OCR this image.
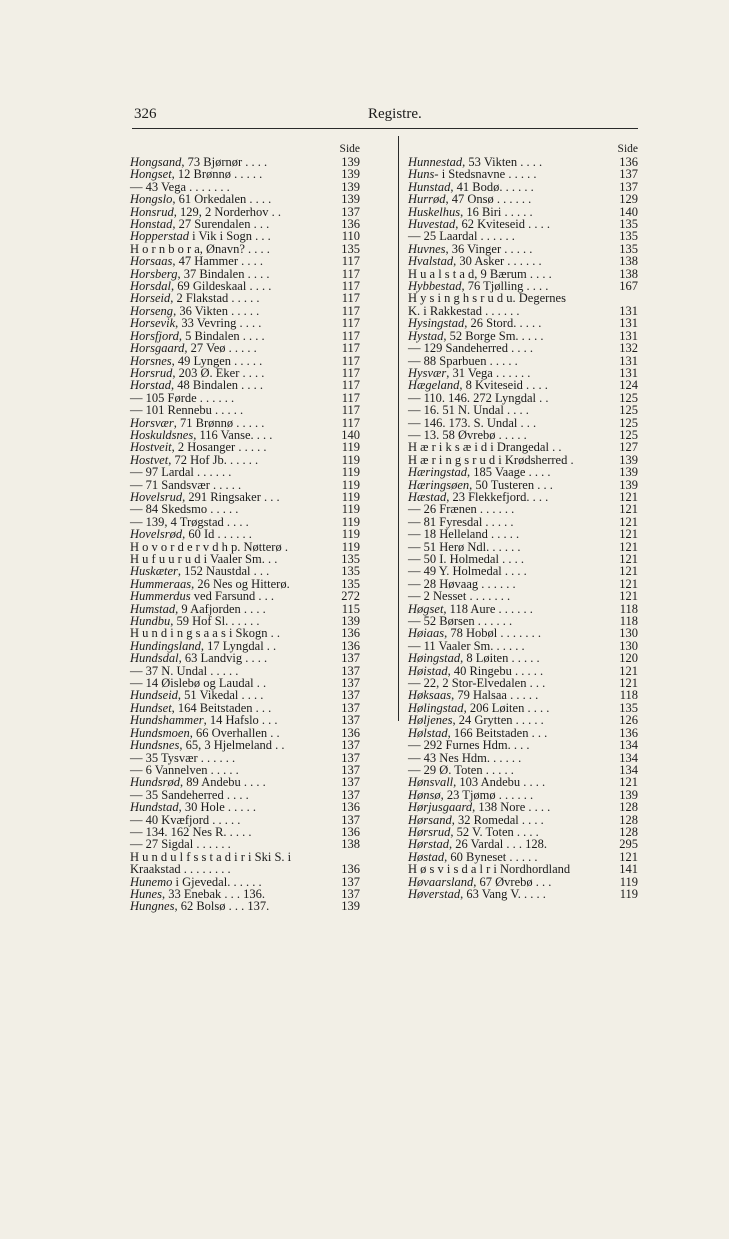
326	Registre.
Side
Hongsand, 73 Bjørnør . . . .	139
Hongset, 12 Brønnø . . . . .	139
— 43 Vega . . . . . . .	139
Hongslo, 61 Orkedalen . . . .	139
Honsrud, 129, 2 Norderhov . .	137
Honstad, 27 Surendalen . . .	136
Hopperstad i Vik i Sogn . . .	110
H o r n b o r a, Ønavn? . . . .	135
Horsaas, 47 Hammer . . . .	117
Horsberg, 37 Bindalen . . . .	117
Horsdal, 69 Gildeskaal . . . .	117
Horseid, 2 Flakstad . . . . .	117
Horseng, 36 Vikten . . . . .	117
Horsevik, 33 Vevring . . . .	117
Horsfjord, 5 Bindalen . . . .	117
Horsgaard, 27 Veø . . . . .	117
Horsnes, 49 Lyngen . . . . .	117
Horsrud, 203 Ø. Eker . . . .	117
Horstad, 48 Bindalen . . . .	117
— 105 Førde . . . . . .	117
— 101 Rennebu . . . . .	117
Horsvær, 71 Brønnø . . . . .	117
Hoskuldsnes, 116 Vanse. . . .	140
Hostveit, 2 Hosanger . . . . .	119
Hostvet, 72 Hof Jb. . . . . .	119
— 97 Lardal . . . . . .	119
— 71 Sandsvær . . . . .	119
Hovelsrud, 291 Ringsaker . . .	119
— 84 Skedsmo . . . . .	119
— 139, 4 Trøgstad . . . .	119
Hovelsrød, 60 Id . . . . . .	119
H o v o r d e r v d h p. Nøtterø .	119
H u f u u r u d i Vaaler Sm. . .	135
Huskæter, 152 Naustdal . . .	135
Hummeraas, 26 Nes og Hitterø.	135
Hummerdus ved Farsund . . .	272
Humstad, 9 Aafjorden . . . .	115
Hundbu, 59 Hof Sl. . . . . .	139
H u n d i n g s a a s i Skogn . .	136
Hundingsland, 17 Lyngdal . .	136
Hundsdal, 63 Landvig . . . .	137
— 37 N. Undal . . . . .	137
— 14 Øislebø og Laudal . .	137
Hundseid, 51 Vikedal . . . .	137
Hundset, 164 Beitstaden . . .	137
Hundshammer, 14 Hafslo . . .	137
Hundsmoen, 66 Overhallen . .	136
Hundsnes, 65, 3 Hjelmeland . .	137
— 35 Tysvær . . . . . .	137
— 6 Vannelven . . . . .	137
Hundsrød, 89 Andebu . . . .	137
— 35 Sandeherred . . . .	137
Hundstad, 30 Hole . . . . .	136
— 40 Kvæfjord . . . . .	137
— 134. 162 Nes R. . . . .	136
— 27 Sigdal . . . . . .	138
H u n d u l f s s t a d i r i Ski S. i
Kraakstad . . . . . . . .	136
Hunemo i Gjevedal. . . . . .	137
Hunes, 33 Enebak . . . 136.	137
Hungnes, 62 Bolsø . . . 137.	139
Side
Hunnestad, 53 Vikten . . . .	136
Huns- i Stedsnavne . . . . .	137
Hunstad, 41 Bodø. . . . . .	137
Hurrød, 47 Onsø . . . . . .	129
Huskelhus, 16 Biri . . . . .	140
Huvestad, 62 Kviteseid . . . .	135
— 25 Laardal . . . . . .	135
Huvnes, 36 Vinger . . . . .	135
Hvalstad, 30 Asker . . . . . .	138
H u a l s t a d, 9 Bærum . . . .	138
Hybbestad, 76 Tjølling . . . .	167
H y s i n g h s r u d u. Degernes
K. i Rakkestad . . . . . .	131
Hysingstad, 26 Stord. . . . .	131
Hystad, 52 Borge Sm. . . . .	131
— 129 Sandeherred . . . .	132
— 88 Sparbuen . . . . .	131
Hysvær, 31 Vega . . . . . .	131
Hægeland, 8 Kviteseid . . . .	124
— 110. 146. 272 Lyngdal . .	125
— 16. 51 N. Undal . . . .	125
— 146. 173. S. Undal . . .	125
— 13. 58 Øvrebø . . . . .	125
H æ r i k s æ i d i Drangedal . .	127
H æ r i n g s r u d i Krødsherred .	139
Hæringstad, 185 Vaage . . . .	139
Hæringsøen, 50 Tusteren . . .	139
Hæstad, 23 Flekkefjord. . . .	121
— 26 Frænen . . . . . .	121
— 81 Fyresdal . . . . .	121
— 18 Helleland . . . . .	121
— 51 Herø Ndl. . . . . .	121
— 50 I. Holmedal . . . .	121
— 49 Y. Holmedal . . . .	121
— 28 Høvaag . . . . . .	121
— 2 Nesset . . . . . . .	121
Høgset, 118 Aure . . . . . .	118
— 52 Børsen . . . . . .	118
Høiaas, 78 Hobøl . . . . . . .	130
— 11 Vaaler Sm. . . . . .	130
Høingstad, 8 Løiten . . . . .	120
Høistad, 40 Ringebu . . . . .	121
— 22, 2 Stor-Elvedalen . . .	121
Høksaas, 79 Halsaa . . . . .	118
Hølingstad, 206 Løiten . . . .	135
Høljenes, 24 Grytten . . . . .	126
Hølstad, 166 Beitstaden . . .	136
— 292 Furnes Hdm. . . .	134
— 43 Nes Hdm. . . . . .	134
— 29 Ø. Toten . . . . .	134
Hønsvall, 103 Andebu . . . .	121
Hønsø, 23 Tjømø . . . . . .	139
Hørjusgaard, 138 Nore . . . .	128
Hørsand, 32 Romedal . . . .	128
Hørsrud, 52 V. Toten . . . .	128
Hørstad, 26 Vardal . . . 128.	295
Høstad, 60 Byneset . . . . .	121
H ø s v i s d a l r i Nordhordland	141
Høvaarsland, 67 Øvrebø . . .	119
Høverstad, 63 Vang V. . . . .	119
